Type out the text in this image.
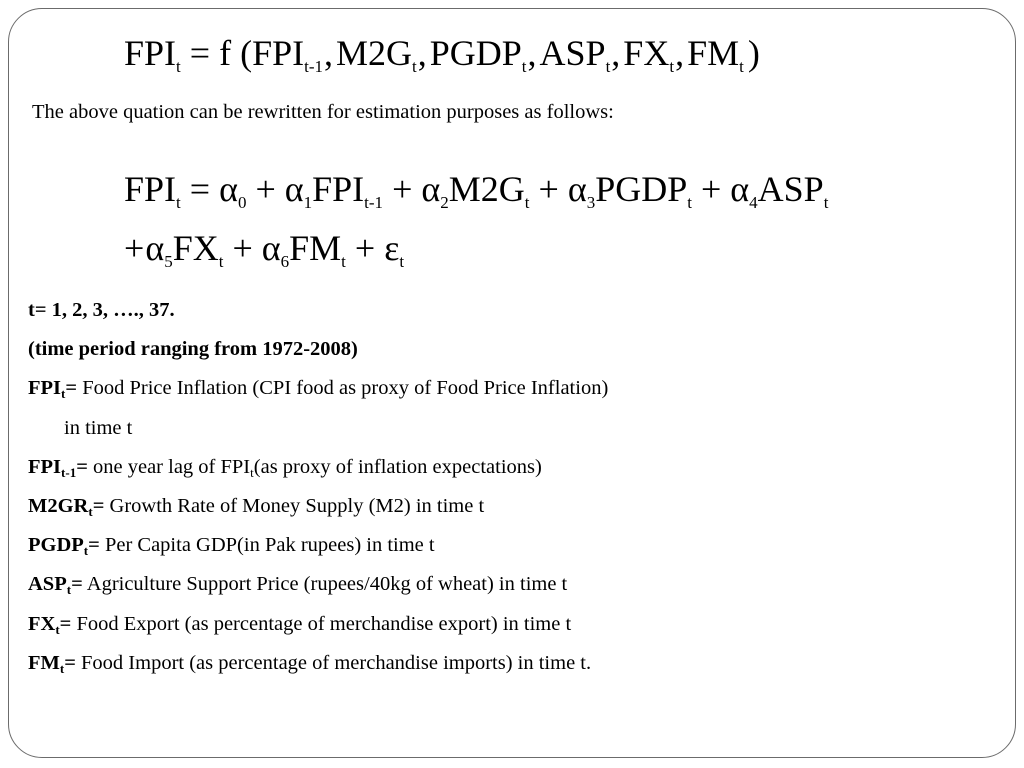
$FPI_t = f$ ($FPI_{t-1},M2G_t,PGDP_t,ASP_t,FX_t,FM_t$ )
The above quation can be rewritten for estimation purposes as follows:
$FPI_t = \alpha_0 + \alpha_1FPI_{t-1} + \alpha_2M2G_t$ + $\alpha_3PGDP_t + \alpha_4ASP_t$
$+\alpha_5FX_t + \alpha_6FM_t + \varepsilon_t$
t= 1, 2, 3, …., 37.
(time period ranging from 1972-2008)
$FPI_t=$ Food Price Inflation (CPI food as proxy of Food Price Inflation)
in time t
$FPI_{t-1}=$ one year lag of $FPI_t(as$ proxy of inflation expectations)
$M2GR_t=$ Growth Rate of Money Supply (M2) in time t
$PGDP_t=$ Per Capita GDP(in Pak rupees) in time t
$ASP_t=$ Agriculture Support Price (rupees/40kg of wheat) in time t
$FX_t=$ Food Export (as percentage of merchandise export) in time t
$FM_t=$ Food Import (as percentage of merchandise imports) in time t.
